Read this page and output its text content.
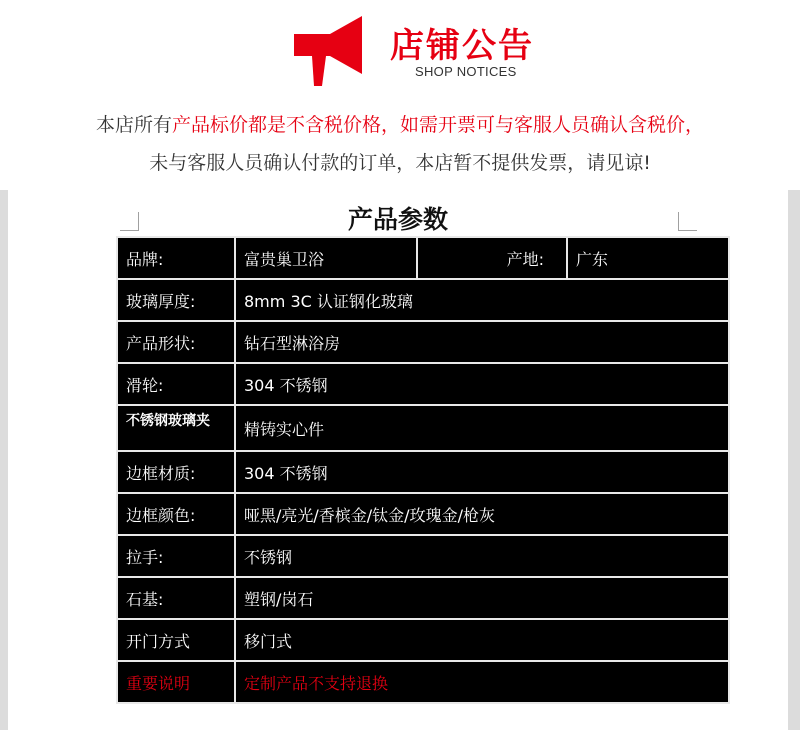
店铺公告
SHOP NOTICES
本店所有产品标价都是不含税价格，如需开票可与客服人员确认含税价，
未与客服人员确认付款的订单，本店暂不提供发票，请见谅!
产品参数
品牌:	富贵巢卫浴	产地:	广东
玻璃厚度:	8mm 3C 认证钢化玻璃		
产品形状:	钻石型淋浴房		
滑轮:	304 不锈钢		
不锈钢玻璃夹	精铸实心件		
边框材质:	304 不锈钢		
边框颜色:	哑黑/亮光/香槟金/钛金/玫瑰金/枪灰		
拉手:	不锈钢		
石基:	塑钢/岗石		
开门方式	移门式		
重要说明	定制产品不支持退换		
